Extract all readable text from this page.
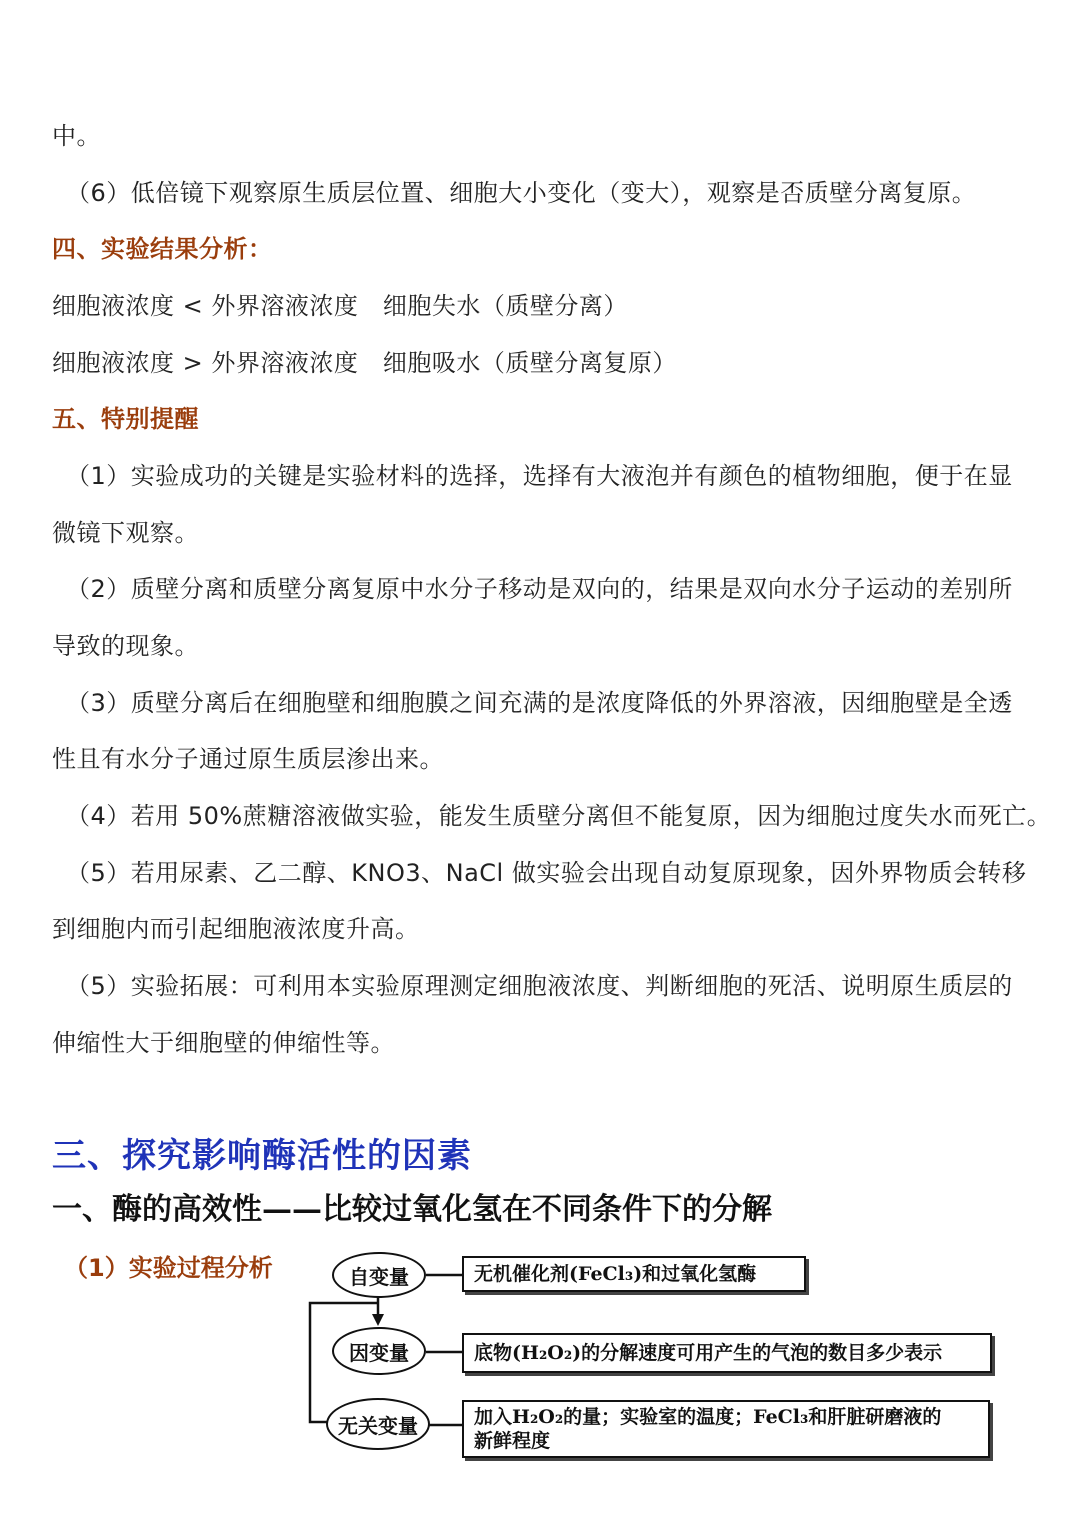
中。
（6）低倍镜下观察原生质层位置、细胞大小变化（变大），观察是否质壁分离复原。
四、实验结果分析：
细胞液浓度 < 外界溶液浓度　细胞失水（质壁分离）
细胞液浓度 > 外界溶液浓度　细胞吸水（质壁分离复原）
五、特别提醒
（1）实验成功的关键是实验材料的选择，选择有大液泡并有颜色的植物细胞，便于在显
微镜下观察。
（2）质壁分离和质壁分离复原中水分子移动是双向的，结果是双向水分子运动的差别所
导致的现象。
（3）质壁分离后在细胞壁和细胞膜之间充满的是浓度降低的外界溶液，因细胞壁是全透
性且有水分子通过原生质层渗出来。
（4）若用 50%蔗糖溶液做实验，能发生质壁分离但不能复原，因为细胞过度失水而死亡。
（5）若用尿素、乙二醇、KNO3、NaCl 做实验会出现自动复原现象，因外界物质会转移
到细胞内而引起细胞液浓度升高。
（5）实验拓展：可利用本实验原理测定细胞液浓度、判断细胞的死活、说明原生质层的
伸缩性大于细胞壁的伸缩性等。
三、探究影响酶活性的因素
一、酶的高效性——比较过氧化氢在不同条件下的分解
（1）实验过程分析	自变量
因变量
无关变量
无机催化剂(FeCl₃)和过氧化氢酶
底物(H₂O₂)的分解速度可用产生的气泡的数目多少表示
加入H₂O₂的量；实验室的温度；FeCl₃和肝脏研磨液的
新鲜程度
